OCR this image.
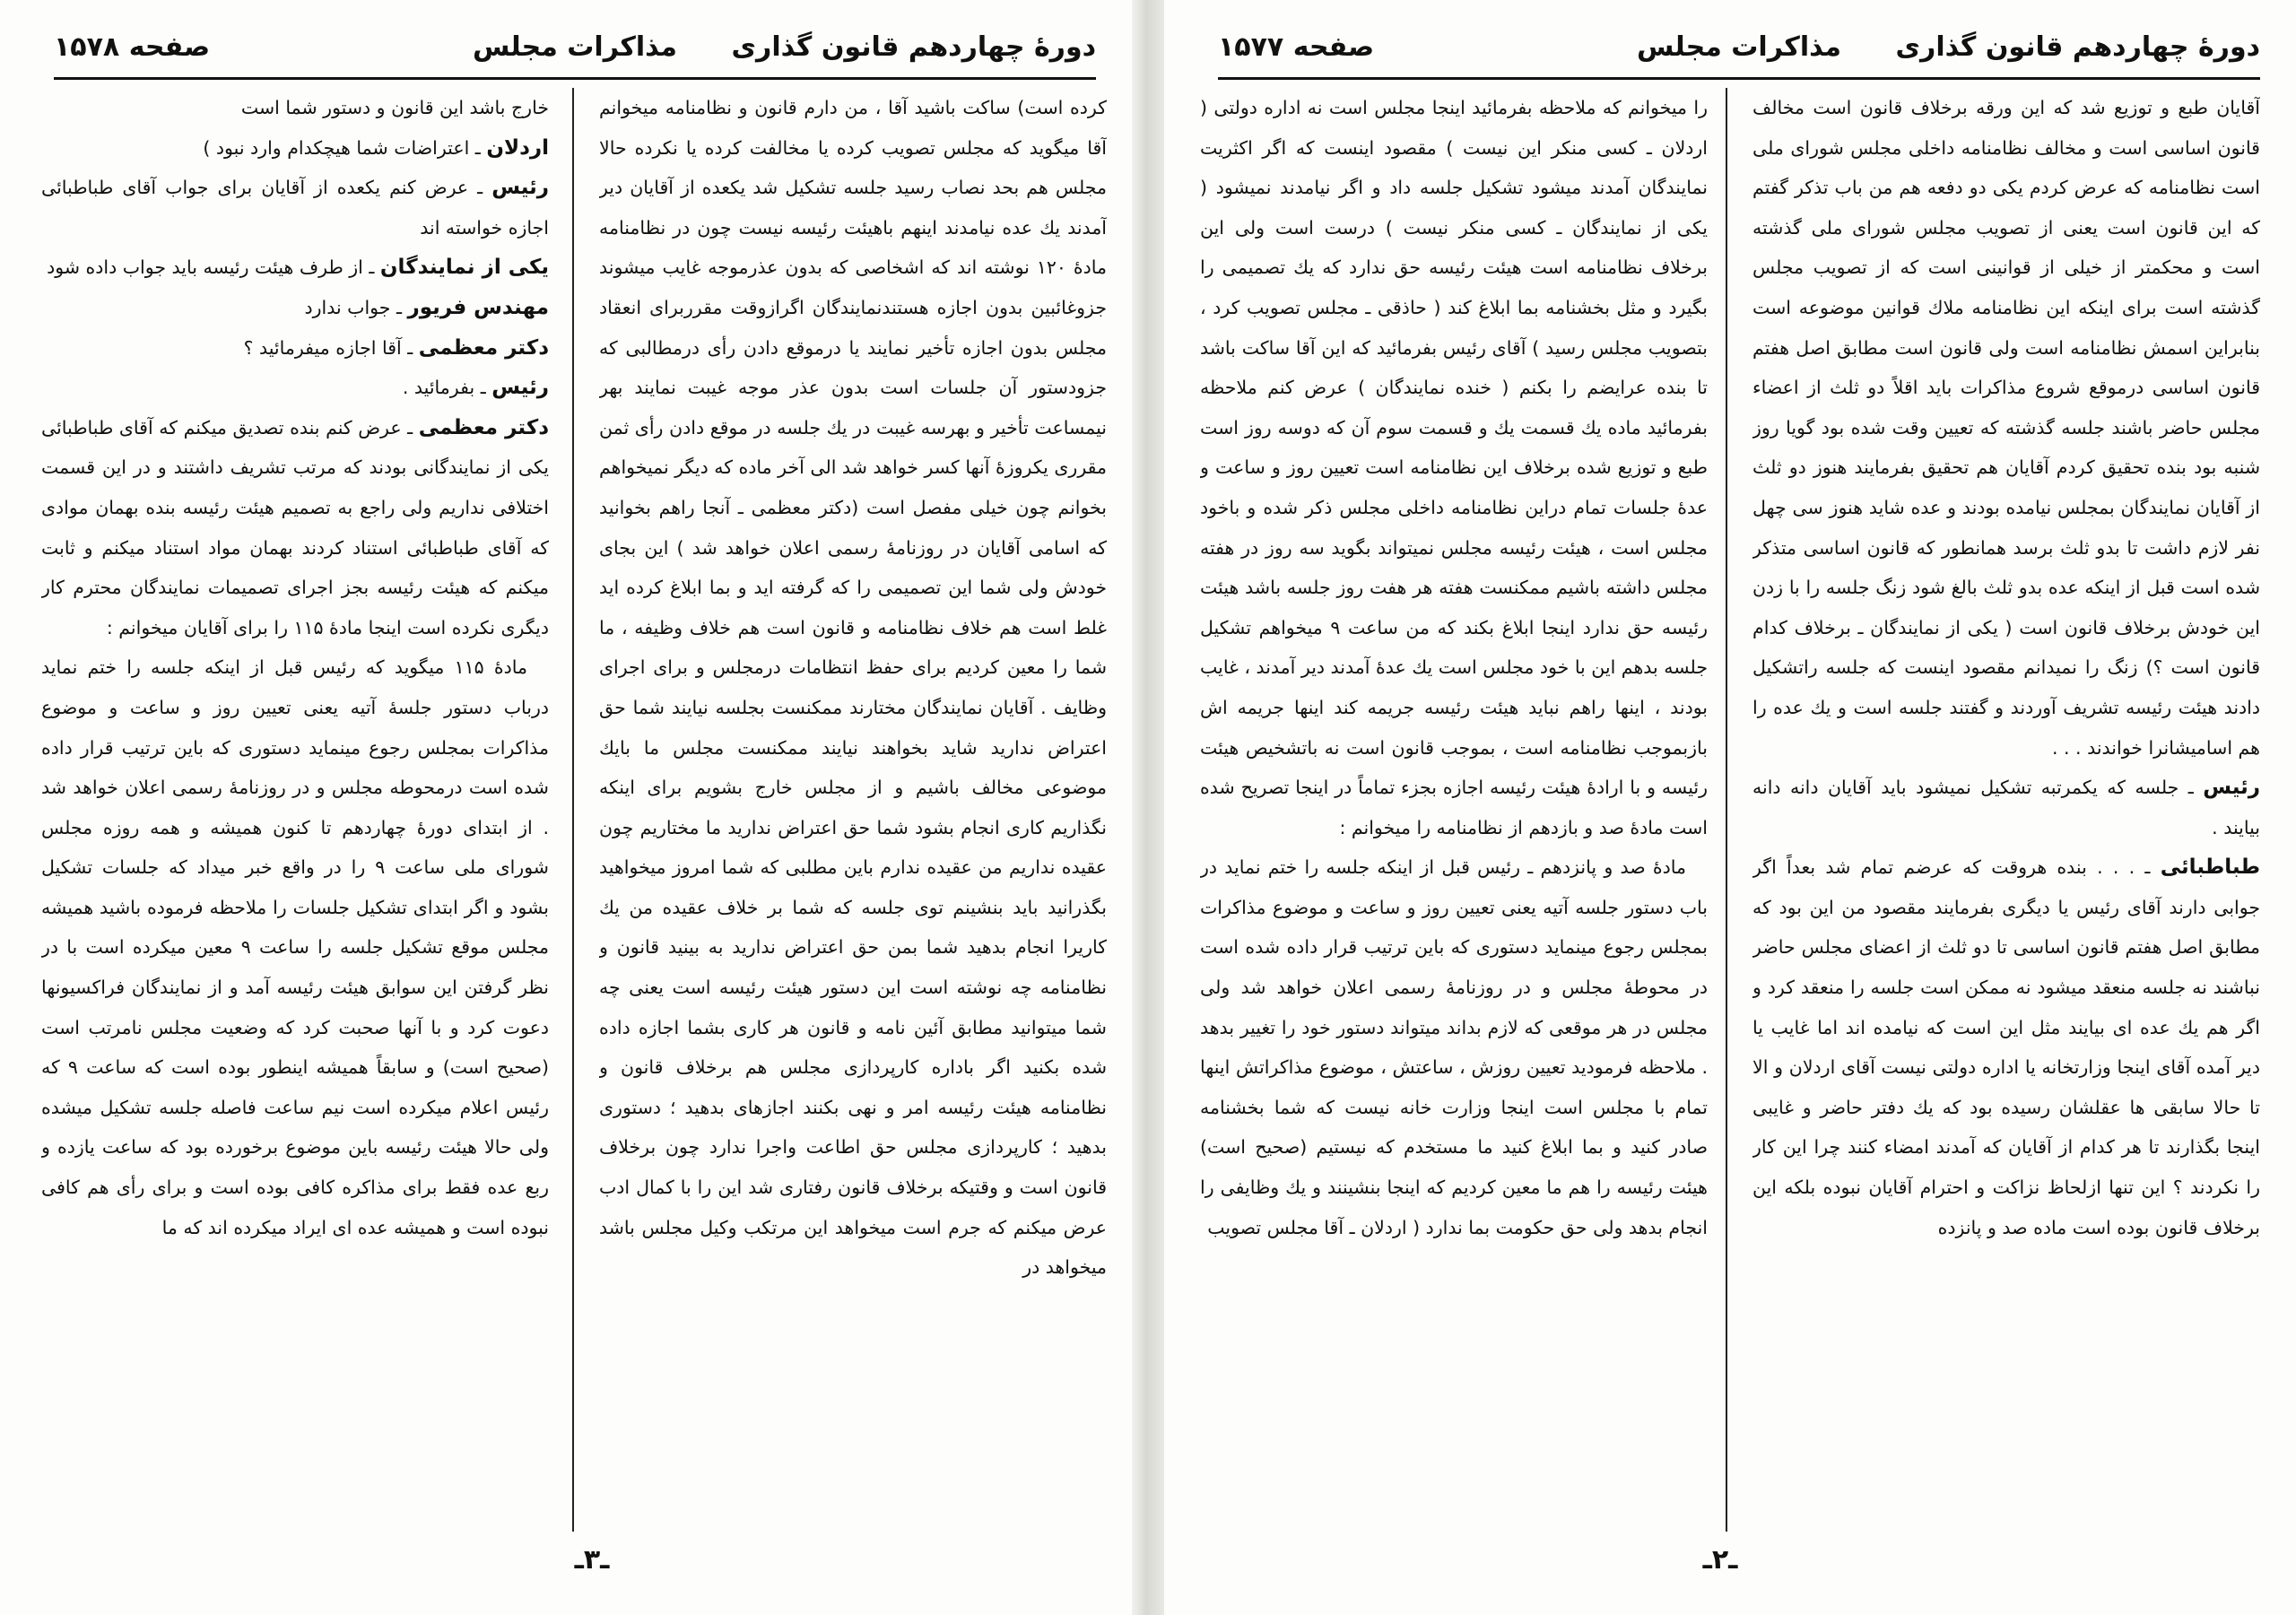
دورهٔ چهاردهم قانون گذاری
مذاکرات مجلس
صفحه ۱۵۷۸

کرده است) ساکت باشید آقا ، من دارم قانون و نظامنامه میخوانم آقا میگوید که مجلس تصویب کرده یا مخالفت کرده یا نکرده حالا مجلس هم بحد نصاب رسید جلسه تشکیل شد یکعده از آقایان دیر آمدند یك عده نیامدند اینهم باهیئت رئیسه نیست چون در نظامنامه مادهٔ ۱۲۰ نوشته اند که اشخاصی که بدون عذرموجه غایب میشوند جزوغائبین بدون اجازه هستندنمایندگان اگرازوقت مقرربرای انعقاد مجلس بدون اجازه تأخیر نمایند یا درموقع دادن رأی درمطالبی که جزودستور آن جلسات است بدون عذر موجه غیبت نمایند بهر نیمساعت تأخیر و بهرسه غیبت در یك جلسه در موقع دادن رأی ثمن مقرری یکروزهٔ آنها کسر خواهد شد الی آخر ماده که دیگر نمیخواهم بخوانم چون خیلی مفصل است (دکتر معظمی ـ آنجا راهم بخوانید که اسامی آقایان در روزنامهٔ رسمی اعلان خواهد شد ) این بجای خودش ولی شما این تصمیمی را که گرفته اید و بما ابلاغ کرده اید غلط است هم خلاف نظامنامه و قانون است هم خلاف وظیفه ، ما شما را معین کردیم برای حفظ انتظامات درمجلس و برای اجرای وظایف . آقایان نمایندگان مختارند ممکنست بجلسه نیایند شما حق اعتراض ندارید شاید بخواهند نیایند ممکنست مجلس ما بایك موضوعی مخالف باشیم و از مجلس خارج بشویم برای اینکه نگذاریم کاری انجام بشود شما حق اعتراض ندارید ما مختاریم چون عقیده نداریم من عقیده ندارم باین مطلبی که شما امروز میخواهید بگذرانید باید بنشینم توی جلسه که شما بر خلاف عقیده من یك کاریرا انجام بدهید شما بمن حق اعتراض ندارید به بینید قانون و نظامنامه چه نوشته است این دستور هیئت رئیسه است یعنی چه شما میتوانید مطابق آئین نامه و قانون هر کاری بشما اجازه داده شده بکنید اگر باداره کارپردازی مجلس هم برخلاف قانون و نظامنامه هیئت رئیسه امر و نهی بکنند اجازهای بدهید ؛ دستوری بدهید ؛ کارپردازی مجلس حق اطاعت واجرا ندارد چون برخلاف قانون است و وقتیکه برخلاف قانون رفتاری شد این را با کمال ادب عرض میکنم که جرم است میخواهد این مرتکب وکیل مجلس باشد میخواهد در

خارج باشد این قانون و دستور شما است

اردلان ـ اعتراضات شما هیچکدام وارد نبود )

رئیس ـ عرض کنم یکعده از آقایان برای جواب آقای طباطبائی اجازه خواسته اند

یکی از نمایندگان ـ از طرف هیئت رئیسه باید جواب داده شود

مهندس فریور ـ جواب ندارد

دکتر معظمی ـ آقا اجازه میفرمائید ؟

رئیس ـ بفرمائید .

دکتر معظمی ـ عرض کنم بنده تصدیق میکنم که آقای طباطبائی یکی از نمایندگانی بودند که مرتب تشریف داشتند و در این قسمت اختلافی نداریم ولی راجع به تصمیم هیئت رئیسه بنده بهمان موادی که آقای طباطبائی استناد کردند بهمان مواد استناد میکنم و ثابت میکنم که هیئت رئیسه بجز اجرای تصمیمات نمایندگان محترم کار دیگری نکرده است اینجا مادهٔ ۱۱۵ را برای آقایان میخوانم :

مادهٔ ۱۱۵ میگوید که رئیس قبل از اینکه جلسه را ختم نماید درباب دستور جلسهٔ آتیه یعنی تعیین روز و ساعت و موضوع مذاکرات بمجلس رجوع مینماید دستوری که باین ترتیب قرار داده شده است درمحوطه مجلس و در روزنامهٔ رسمی اعلان خواهد شد . از ابتدای دورهٔ چهاردهم تا کنون همیشه و همه روزه مجلس شورای ملی ساعت ۹ را در واقع خبر میداد که جلسات تشکیل بشود و اگر ابتدای تشکیل جلسات را ملاحظه فرموده باشید همیشه مجلس موقع تشکیل جلسه را ساعت ۹ معین میکرده است با در نظر گرفتن این سوابق هیئت رئیسه آمد و از نمایندگان فراکسیونها دعوت کرد و با آنها صحبت کرد که وضعیت مجلس نامرتب است (صحیح است) و سابقاً همیشه اینطور بوده است که ساعت ۹ که رئیس اعلام میکرده است نیم ساعت فاصله جلسه تشکیل میشده ولی حالا هیئت رئیسه باین موضوع برخورده بود که ساعت یازده و ربع عده فقط برای مذاکره کافی بوده است و برای رأی هم کافی نبوده است و همیشه عده ای ایراد میکرده اند که ما

ـ۳ـ
دورهٔ چهاردهم قانون گذاری
مذاکرات مجلس
صفحه ۱۵۷۷

آقایان طبع و توزیع شد که این ورقه برخلاف قانون است مخالف قانون اساسی است و مخالف نظامنامه داخلی مجلس شورای ملی است نظامنامه که عرض کردم یکی دو دفعه هم من باب تذکر گفتم که این قانون است یعنی از تصویب مجلس شورای ملی گذشته است و محکمتر از خیلی از قوانینی است که از تصویب مجلس گذشته است برای اینکه این نظامنامه ملاك قوانین موضوعه است بنابراین اسمش نظامنامه است ولی قانون است مطابق اصل هفتم قانون اساسی درموقع شروع مذاکرات باید اقلاً دو ثلث از اعضاء مجلس حاضر باشند جلسه گذشته که تعیین وقت شده بود گویا روز شنبه بود بنده تحقیق کردم آقایان هم تحقیق بفرمایند هنوز دو ثلث از آقایان نمایندگان بمجلس نیامده بودند و عده شاید هنوز سی چهل نفر لازم داشت تا بدو ثلث برسد همانطور که قانون اساسی متذکر شده است قبل از اینکه عده بدو ثلث بالغ شود زنگ جلسه را با زدن این خودش برخلاف قانون است ( یکی از نمایندگان ـ برخلاف کدام قانون است ؟) زنگ را نمیدانم مقصود اینست که جلسه راتشکیل دادند هیئت رئیسه تشریف آوردند و گفتند جلسه است و یك عده را هم اسامیشانرا خواندند . . .

رئیس ـ جلسه که یکمرتبه تشکیل نمیشود باید آقایان دانه دانه بیایند .

طباطبائی ـ . . . بنده هروقت که عرضم تمام شد بعداً اگر جوابی دارند آقای رئیس یا دیگری بفرمایند مقصود من این بود که مطابق اصل هفتم قانون اساسی تا دو ثلث از اعضای مجلس حاضر نباشند نه جلسه منعقد میشود نه ممکن است جلسه را منعقد کرد و اگر هم یك عده ای بیایند مثل این است که نیامده اند اما غایب یا دیر آمده آقای اینجا وزارتخانه یا اداره دولتی نیست آقای اردلان و الا تا حالا سابقی ها عقلشان رسیده بود که یك دفتر حاضر و غایبی اینجا بگذارند تا هر کدام از آقایان که آمدند امضاء کنند چرا این کار را نکردند ؟ این تنها ازلحاظ نزاکت و احترام آقایان نبوده بلکه این برخلاف قانون بوده است ماده صد و پانزده

را میخوانم که ملاحظه بفرمائید اینجا مجلس است نه اداره دولتی ( اردلان ـ کسی منکر این نیست ) مقصود اینست که اگر اکثریت نمایندگان آمدند میشود تشکیل جلسه داد و اگر نیامدند نمیشود ( یکی از نمایندگان ـ کسی منکر نیست ) درست است ولی این برخلاف نظامنامه است هیئت رئیسه حق ندارد که یك تصمیمی را بگیرد و مثل بخشنامه بما ابلاغ کند ( حاذقی ـ مجلس تصویب کرد ، بتصویب مجلس رسید ) آقای رئیس بفرمائید که این آقا ساکت باشد تا بنده عرایضم را بکنم ( خنده نمایندگان ) عرض کنم ملاحظه بفرمائید ماده یك قسمت یك و قسمت سوم آن که دوسه روز است طبع و توزیع شده برخلاف این نظامنامه است تعیین روز و ساعت و عدهٔ جلسات تمام دراین نظامنامه داخلی مجلس ذکر شده و باخود مجلس است ، هیئت رئیسه مجلس نمیتواند بگوید سه روز در هفته مجلس داشته باشیم ممکنست هفته هر هفت روز جلسه باشد هیئت رئیسه حق ندارد اینجا ابلاغ بکند که من ساعت ۹ میخواهم تشکیل جلسه بدهم این با خود مجلس است یك عدهٔ آمدند دیر آمدند ، غایب بودند ، اینها راهم نباید هیئت رئیسه جریمه کند اینها جریمه اش بازبموجب نظامنامه است ، بموجب قانون است نه باتشخیص هیئت رئیسه و با ارادهٔ هیئت رئیسه اجازه بجزء تماماً در اینجا تصریح شده است مادهٔ صد و بازدهم از نظامنامه را میخوانم :

مادهٔ صد و پانزدهم ـ رئیس قبل از اینکه جلسه را ختم نماید در باب دستور جلسه آتیه یعنی تعیین روز و ساعت و موضوع مذاکرات بمجلس رجوع مینماید دستوری که باین ترتیب قرار داده شده است در محوطهٔ مجلس و در روزنامهٔ رسمی اعلان خواهد شد ولی مجلس در هر موقعی که لازم بداند میتواند دستور خود را تغییر بدهد . ملاحظه فرمودید تعیین روزش ، ساعتش ، موضوع مذاکراتش اینها تمام با مجلس است اینجا وزارت خانه نیست که شما بخشنامه صادر کنید و بما ابلاغ کنید ما مستخدم که نیستیم (صحیح است) هیئت رئیسه را هم ما معین کردیم که اینجا بنشینند و یك وظایفی را انجام بدهد ولی حق حکومت بما ندارد ( اردلان ـ آقا مجلس تصویب

ـ۲ـ
